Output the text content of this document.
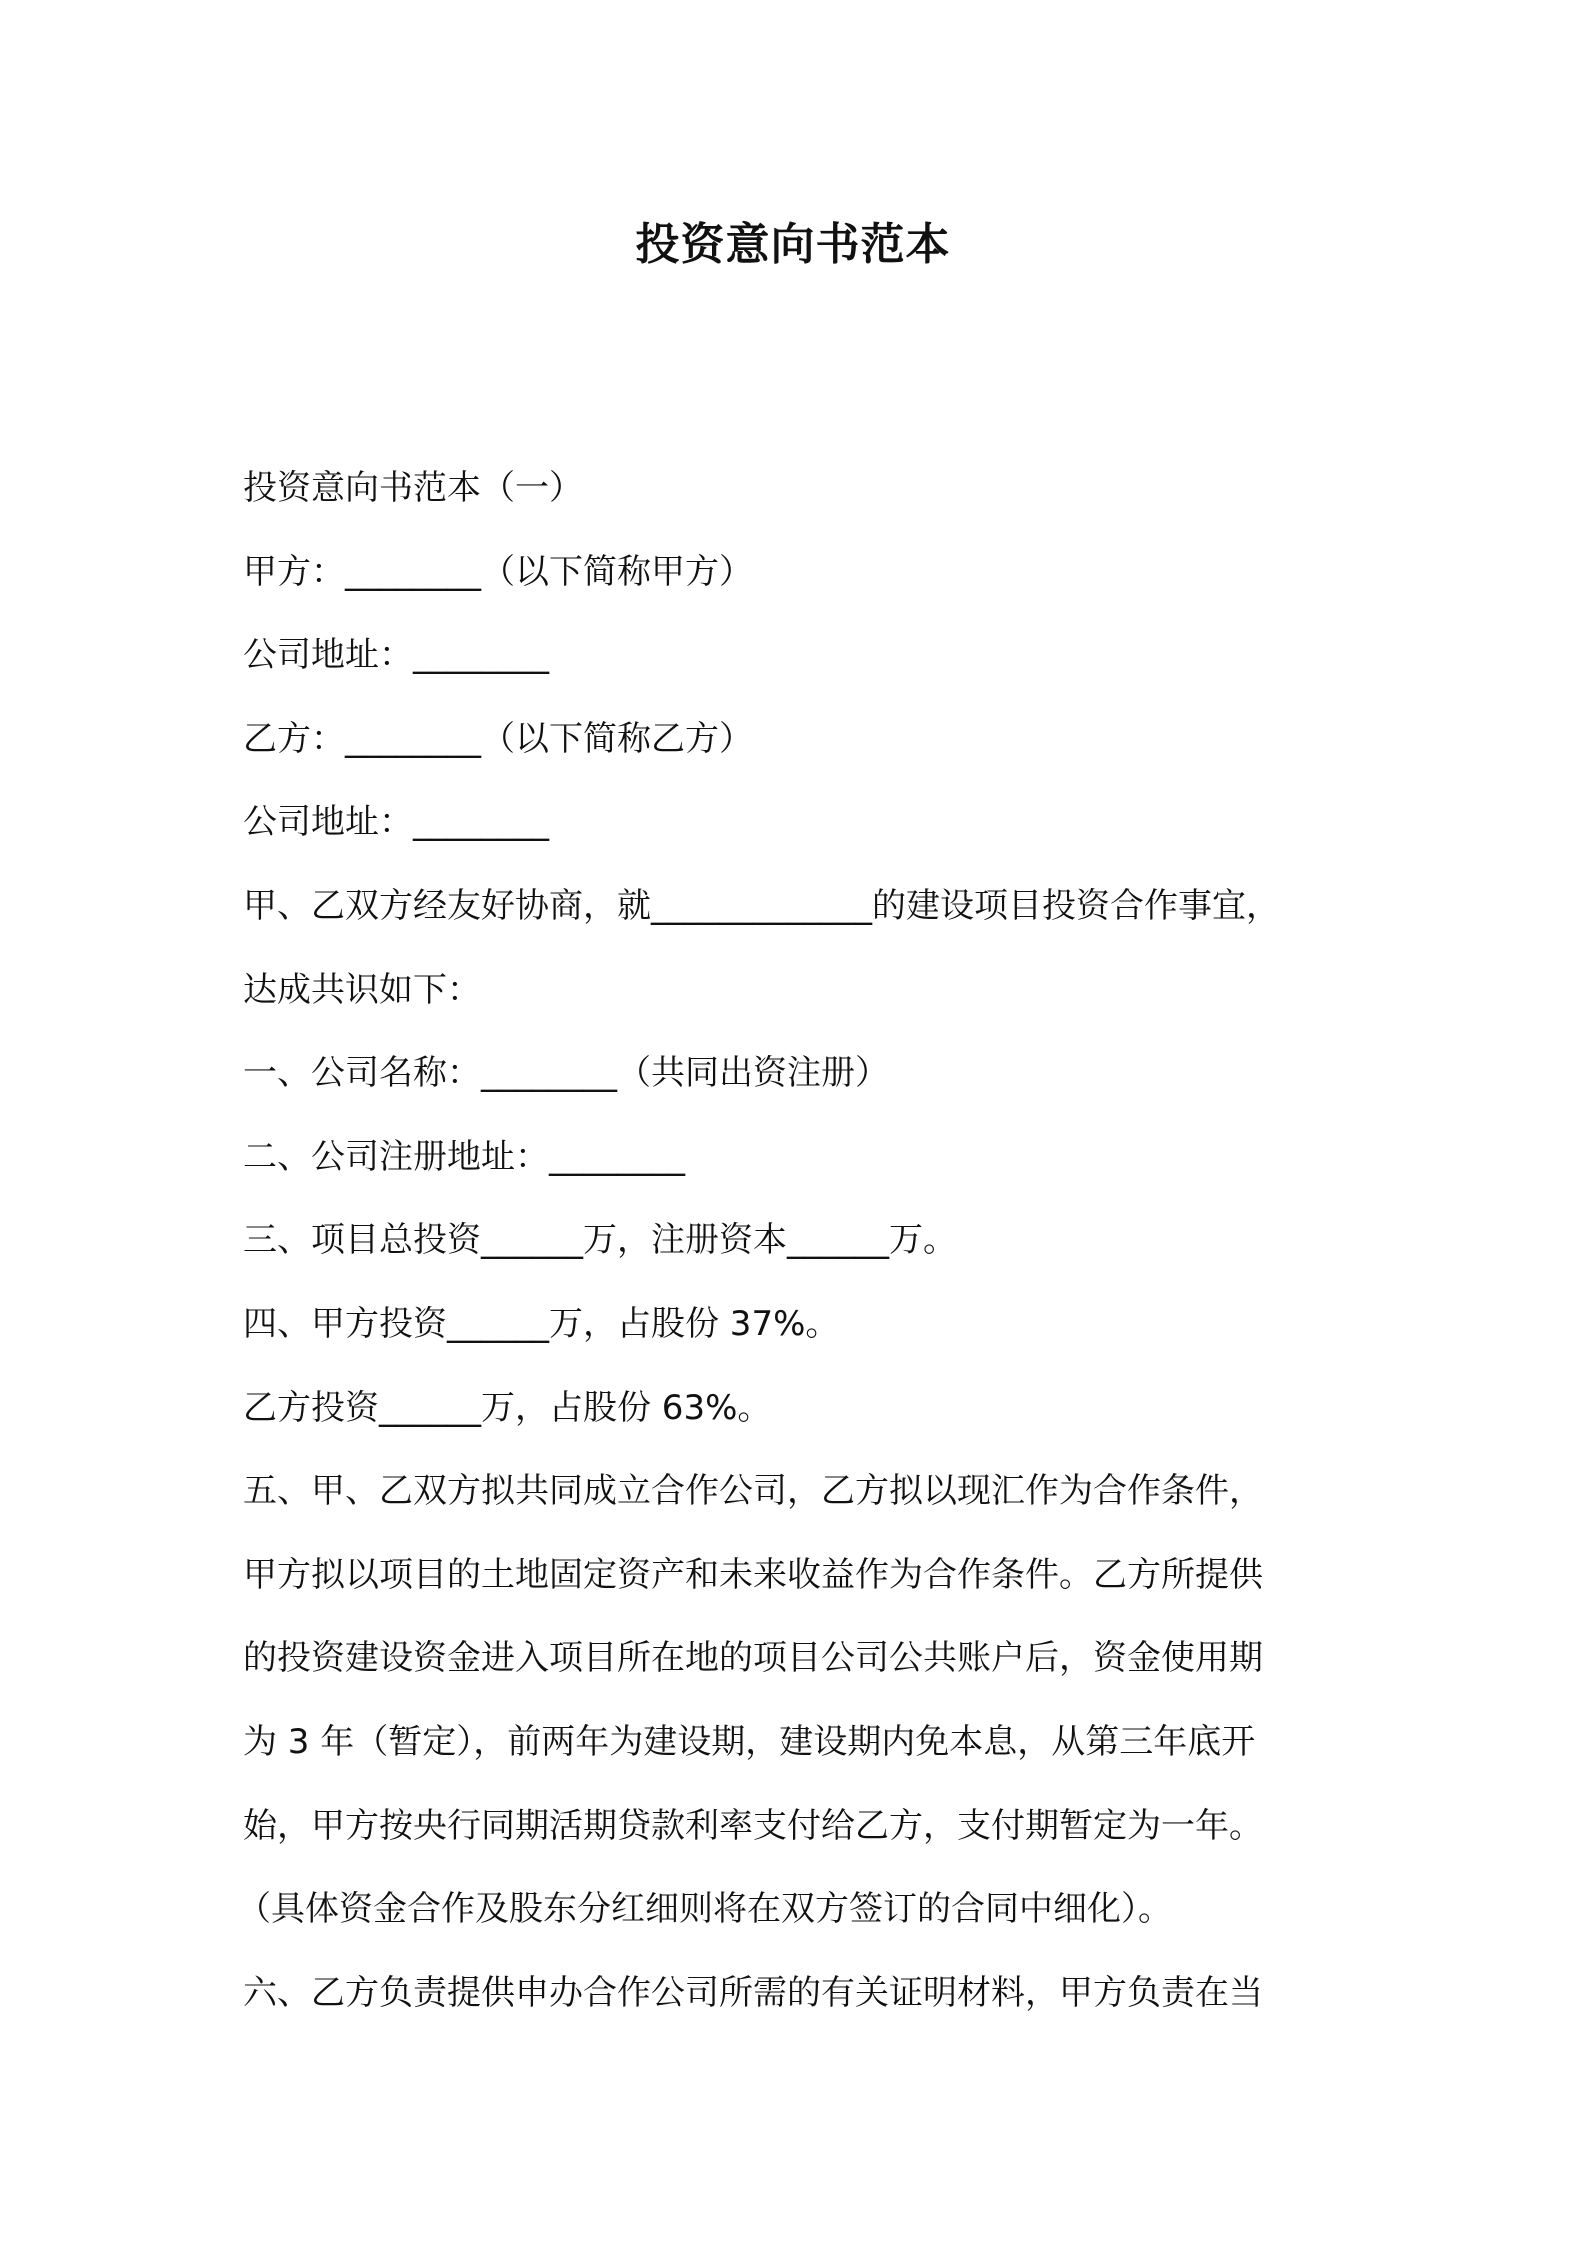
投资意向书范本
投资意向书范本（一）
甲方：________（以下简称甲方）
公司地址：________
乙方：________（以下简称乙方）
公司地址：________
甲、乙双方经友好协商，就_____________的建设项目投资合作事宜，
达成共识如下：
一、公司名称：________（共同出资注册）
二、公司注册地址：________
三、项目总投资______万，注册资本______万。
四、甲方投资______万，占股份 37%。
乙方投资______万，占股份 63%。
五、甲、乙双方拟共同成立合作公司，乙方拟以现汇作为合作条件，
甲方拟以项目的土地固定资产和未来收益作为合作条件。乙方所提供
的投资建设资金进入项目所在地的项目公司公共账户后，资金使用期
为 3 年（暂定），前两年为建设期，建设期内免本息，从第三年底开
始，甲方按央行同期活期贷款利率支付给乙方，支付期暂定为一年。
（具体资金合作及股东分红细则将在双方签订的合同中细化）。
六、乙方负责提供申办合作公司所需的有关证明材料，甲方负责在当
